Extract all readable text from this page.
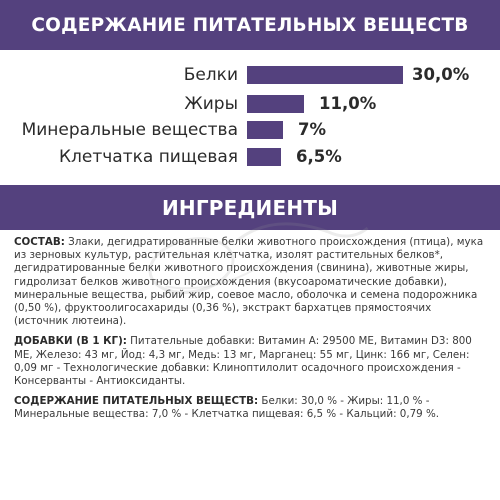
СОДЕРЖАНИЕ ПИТАТЕЛЬНЫХ ВЕЩЕСТВ
Белки	30,0%
Жиры	11,0%
Минеральные вещества	7%
Клетчатка пищевая	6,5%
ИНГРЕДИЕНТЫ

СОСТАВ: Злаки, дегидратированные белки животного происхождения (птица), мука из зерновых культур, растительная клетчатка, изолят растительных белков*, дегидратированные белки животного происхождения (свинина), животные жиры, гидролизат белков животного происхождения (вкусоароматические добавки), минеральные вещества, рыбий жир, соевое масло, оболочка и семена подорожника (0,50 %), фруктоолигосахариды (0,36 %), экстракт бархатцев прямостоячих (источник лютеина).

ДОБАВКИ (В 1 КГ): Питательные добавки: Витамин А: 29500 МЕ, Витамин D3: 800 МЕ, Железо: 43 мг, Йод: 4,3 мг, Медь: 13 мг, Марганец: 55 мг, Цинк: 166 мг, Селен: 0,09 мг - Технологические добавки: Клиноптилолит осадочного происхождения - Консерванты - Антиоксиданты.

СОДЕРЖАНИЕ ПИТАТЕЛЬНЫХ ВЕЩЕСТВ: Белки: 30,0 % - Жиры: 11,0 % - Минеральные вещества: 7,0 % - Клетчатка пищевая: 6,5 % - Кальций: 0,79 %.
